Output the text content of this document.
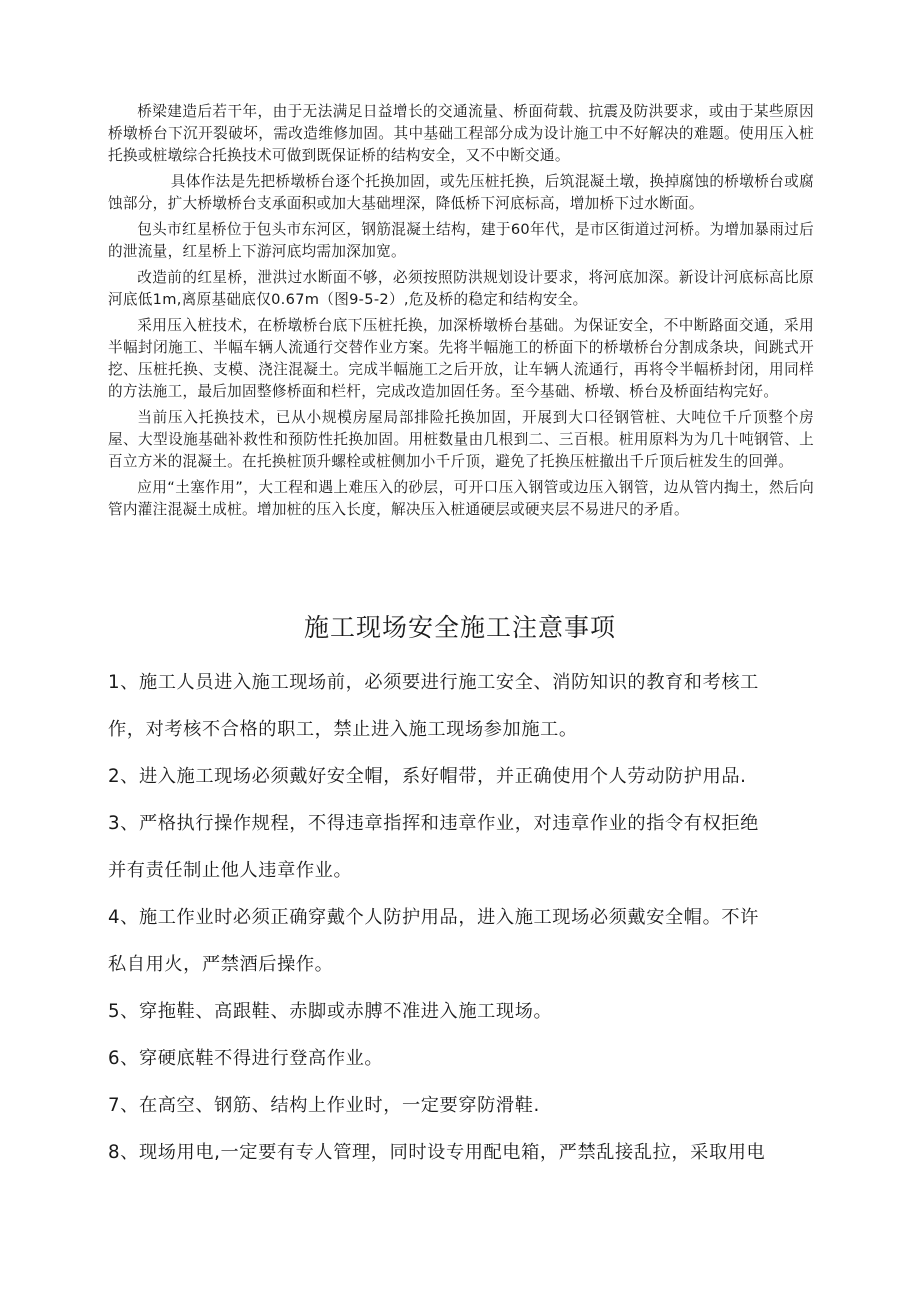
桥梁建造后若干年，由于无法满足日益增长的交通流量、桥面荷载、抗震及防洪要求，或由于某些原因桥墩桥台下沉开裂破坏，需改造维修加固。其中基础工程部分成为设计施工中不好解决的难题。使用压入桩托换或桩墩综合托换技术可做到既保证桥的结构安全，又不中断交通。

具体作法是先把桥墩桥台逐个托换加固，或先压桩托换，后筑混凝土墩，换掉腐蚀的桥墩桥台或腐蚀部分，扩大桥墩桥台支承面积或加大基础埋深，降低桥下河底标高，增加桥下过水断面。

包头市红星桥位于包头市东河区，钢筋混凝土结构，建于60年代，是市区街道过河桥。为增加暴雨过后的泄流量，红星桥上下游河底均需加深加宽。

改造前的红星桥，泄洪过水断面不够，必须按照防洪规划设计要求，将河底加深。新设计河底标高比原河底低1m,离原基础底仅0.67m（图9-5-2）,危及桥的稳定和结构安全。

采用压入桩技术，在桥墩桥台底下压桩托换，加深桥墩桥台基础。为保证安全，不中断路面交通，采用半幅封闭施工、半幅车辆人流通行交替作业方案。先将半幅施工的桥面下的桥墩桥台分割成条块，间跳式开挖、压桩托换、支模、浇注混凝土。完成半幅施工之后开放，让车辆人流通行，再将令半幅桥封闭，用同样的方法施工，最后加固整修桥面和栏杆，完成改造加固任务。至今基础、桥墩、桥台及桥面结构完好。

当前压入托换技术，已从小规模房屋局部排险托换加固，开展到大口径钢管桩、大吨位千斤顶整个房屋、大型设施基础补救性和预防性托换加固。用桩数量由几根到二、三百根。桩用原料为为几十吨钢管、上百立方米的混凝土。在托换桩顶升螺栓或桩侧加小千斤顶，避免了托换压桩撤出千斤顶后桩发生的回弹。

应用“土塞作用”，大工程和遇上难压入的砂层，可开口压入钢管或边压入钢管，边从管内掏土，然后向管内灌注混凝土成桩。增加桩的压入长度，解决压入桩通硬层或硬夹层不易进尺的矛盾。

施工现场安全施工注意事项

1、施工人员进入施工现场前，必须要进行施工安全、消防知识的教育和考核工

作，对考核不合格的职工，禁止进入施工现场参加施工。

2、进入施工现场必须戴好安全帽，系好帽带，并正确使用个人劳动防护用品.

3、严格执行操作规程，不得违章指挥和违章作业，对违章作业的指令有权拒绝

并有责任制止他人违章作业。

4、施工作业时必须正确穿戴个人防护用品，进入施工现场必须戴安全帽。不许

私自用火，严禁酒后操作。

5、穿拖鞋、高跟鞋、赤脚或赤膊不准进入施工现场。

6、穿硬底鞋不得进行登高作业。

7、在高空、钢筋、结构上作业时，一定要穿防滑鞋.

8、现场用电,一定要有专人管理，同时设专用配电箱，严禁乱接乱拉，采取用电
